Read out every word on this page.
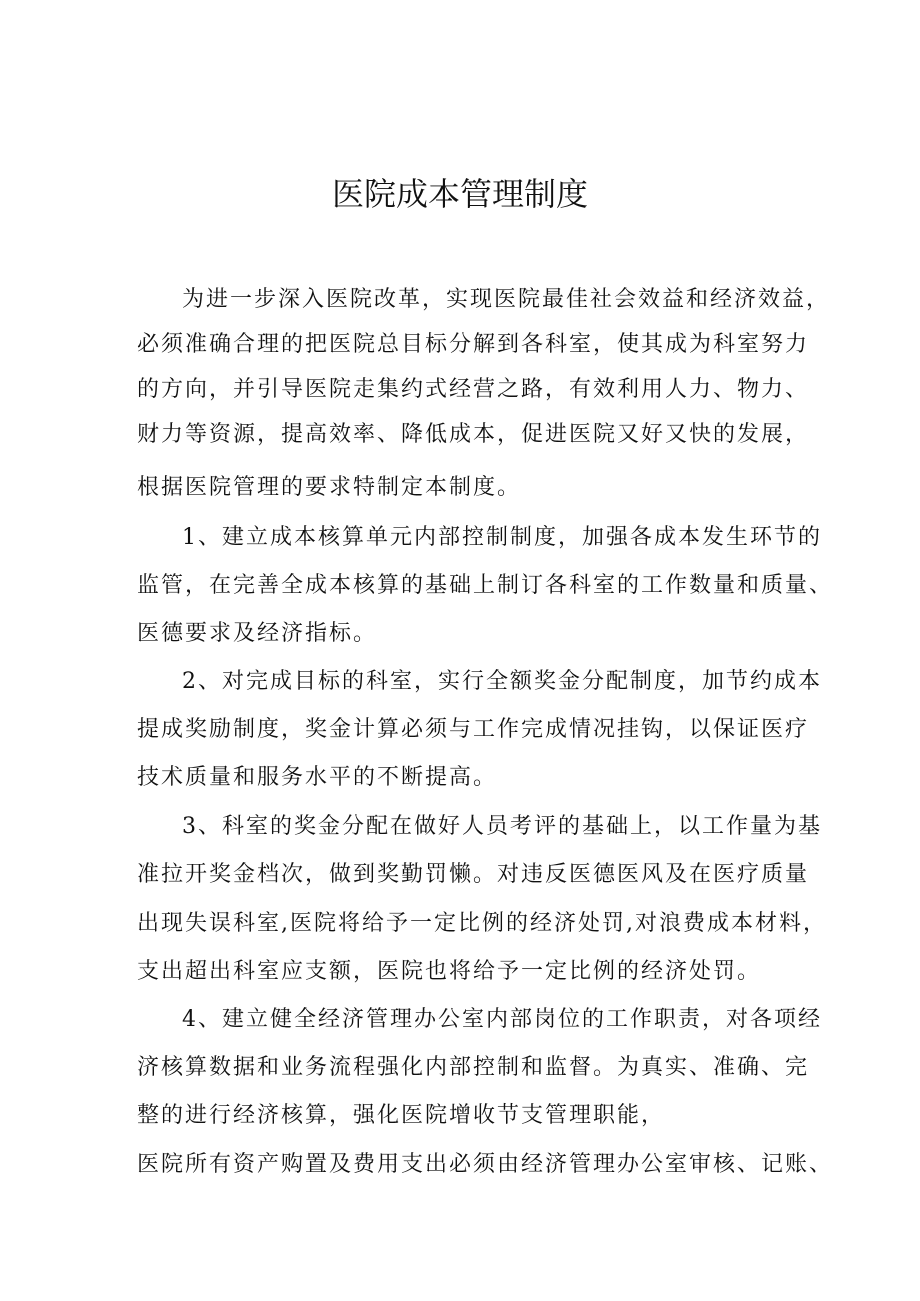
医院成本管理制度
为进一步深入医院改革，实现医院最佳社会效益和经济效益，
必须准确合理的把医院总目标分解到各科室，使其成为科室努力
的方向，并引导医院走集约式经营之路，有效利用人力、物力、
财力等资源，提高效率、降低成本，促进医院又好又快的发展，
根据医院管理的要求特制定本制度。
1、建立成本核算单元内部控制制度，加强各成本发生环节的
监管，在完善全成本核算的基础上制订各科室的工作数量和质量、
医德要求及经济指标。
2、对完成目标的科室，实行全额奖金分配制度，加节约成本
提成奖励制度，奖金计算必须与工作完成情况挂钩，以保证医疗
技术质量和服务水平的不断提高。
3、科室的奖金分配在做好人员考评的基础上，以工作量为基
准拉开奖金档次，做到奖勤罚懒。对违反医德医风及在医疗质量
出现失误科室,医院将给予一定比例的经济处罚,对浪费成本材料，
支出超出科室应支额，医院也将给予一定比例的经济处罚。
4、建立健全经济管理办公室内部岗位的工作职责，对各项经
济核算数据和业务流程强化内部控制和监督。为真实、准确、完
整的进行经济核算，强化医院增收节支管理职能，
医院所有资产购置及费用支出必须由经济管理办公室审核、记账、
